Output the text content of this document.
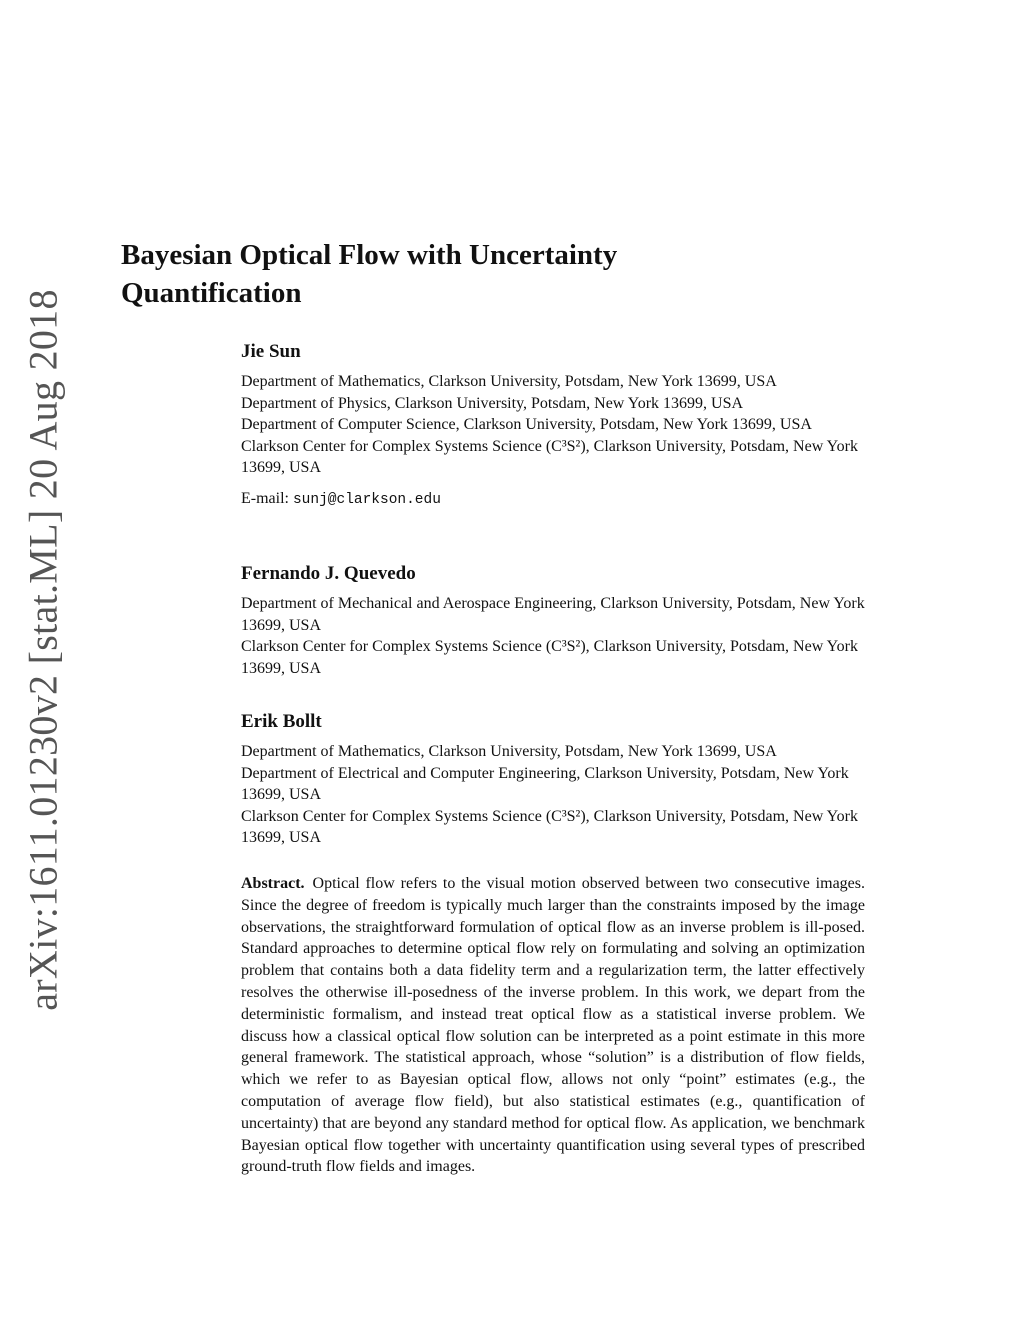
arXiv:1611.01230v2 [stat.ML] 20 Aug 2018
Bayesian Optical Flow with Uncertainty Quantification
Jie Sun

Department of Mathematics, Clarkson University, Potsdam, New York 13699, USA

Department of Physics, Clarkson University, Potsdam, New York 13699, USA

Department of Computer Science, Clarkson University, Potsdam, New York 13699, USA

Clarkson Center for Complex Systems Science (C³S²), Clarkson University, Potsdam, New York 13699, USA

E-mail: sunj@clarkson.edu
Fernando J. Quevedo

Department of Mechanical and Aerospace Engineering, Clarkson University, Potsdam, New York 13699, USA

Clarkson Center for Complex Systems Science (C³S²), Clarkson University, Potsdam, New York 13699, USA

Erik Bollt

Department of Mathematics, Clarkson University, Potsdam, New York 13699, USA

Department of Electrical and Computer Engineering, Clarkson University, Potsdam, New York 13699, USA

Clarkson Center for Complex Systems Science (C³S²), Clarkson University, Potsdam, New York 13699, USA

Abstract. Optical flow refers to the visual motion observed between two consecutive images. Since the degree of freedom is typically much larger than the constraints imposed by the image observations, the straightforward formulation of optical flow as an inverse problem is ill-posed. Standard approaches to determine optical flow rely on formulating and solving an optimization problem that contains both a data fidelity term and a regularization term, the latter effectively resolves the otherwise ill-posedness of the inverse problem. In this work, we depart from the deterministic formalism, and instead treat optical flow as a statistical inverse problem. We discuss how a classical optical flow solution can be interpreted as a point estimate in this more general framework. The statistical approach, whose “solution” is a distribution of flow fields, which we refer to as Bayesian optical flow, allows not only “point” estimates (e.g., the computation of average flow field), but also statistical estimates (e.g., quantification of uncertainty) that are beyond any standard method for optical flow. As application, we benchmark Bayesian optical flow together with uncertainty quantification using several types of prescribed ground-truth flow fields and images.
